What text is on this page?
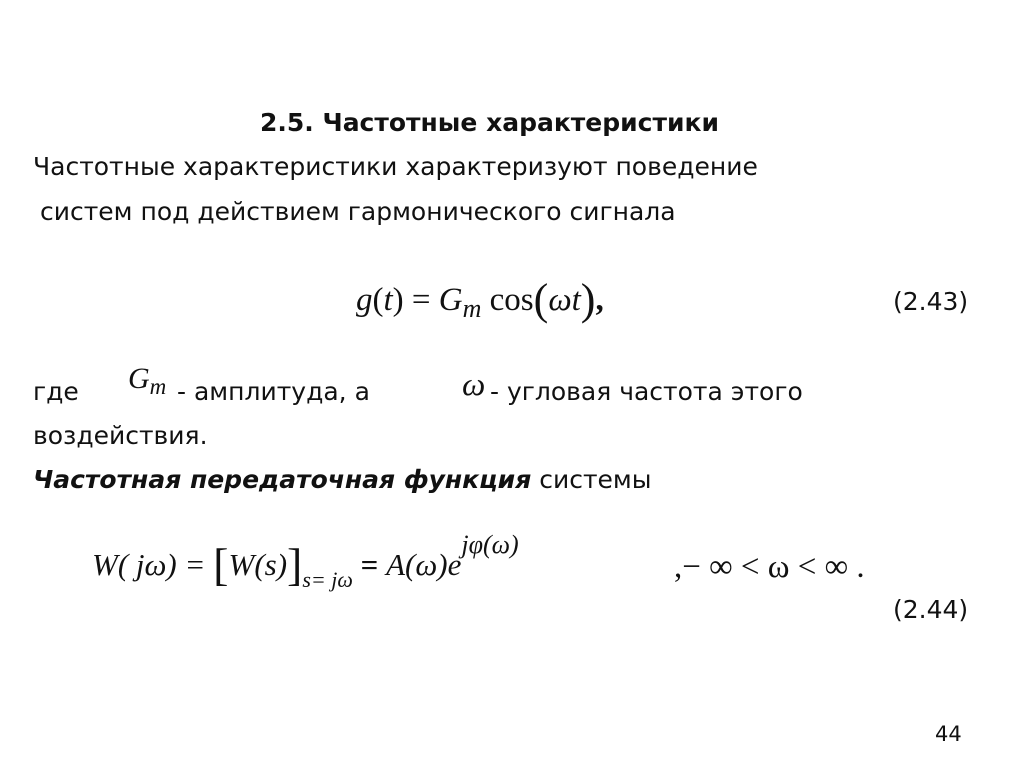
2.5. Частотные характеристики
Частотные характеристики характеризуют поведение
систем под действием гармонического сигнала
$g(t) = G_m$ cos(ωt),	(2.43)
где $G_m$ - амплитуда, а	ω - угловая частота этого
воздействия.
Частотная передаточная функция системы
W( $j\omega) = [W(s)]_{s= j\omega} = A(\omega)e^{j\varphi(\omega)}$
,− ∞ < ω < ∞ .
(2.44)
44
